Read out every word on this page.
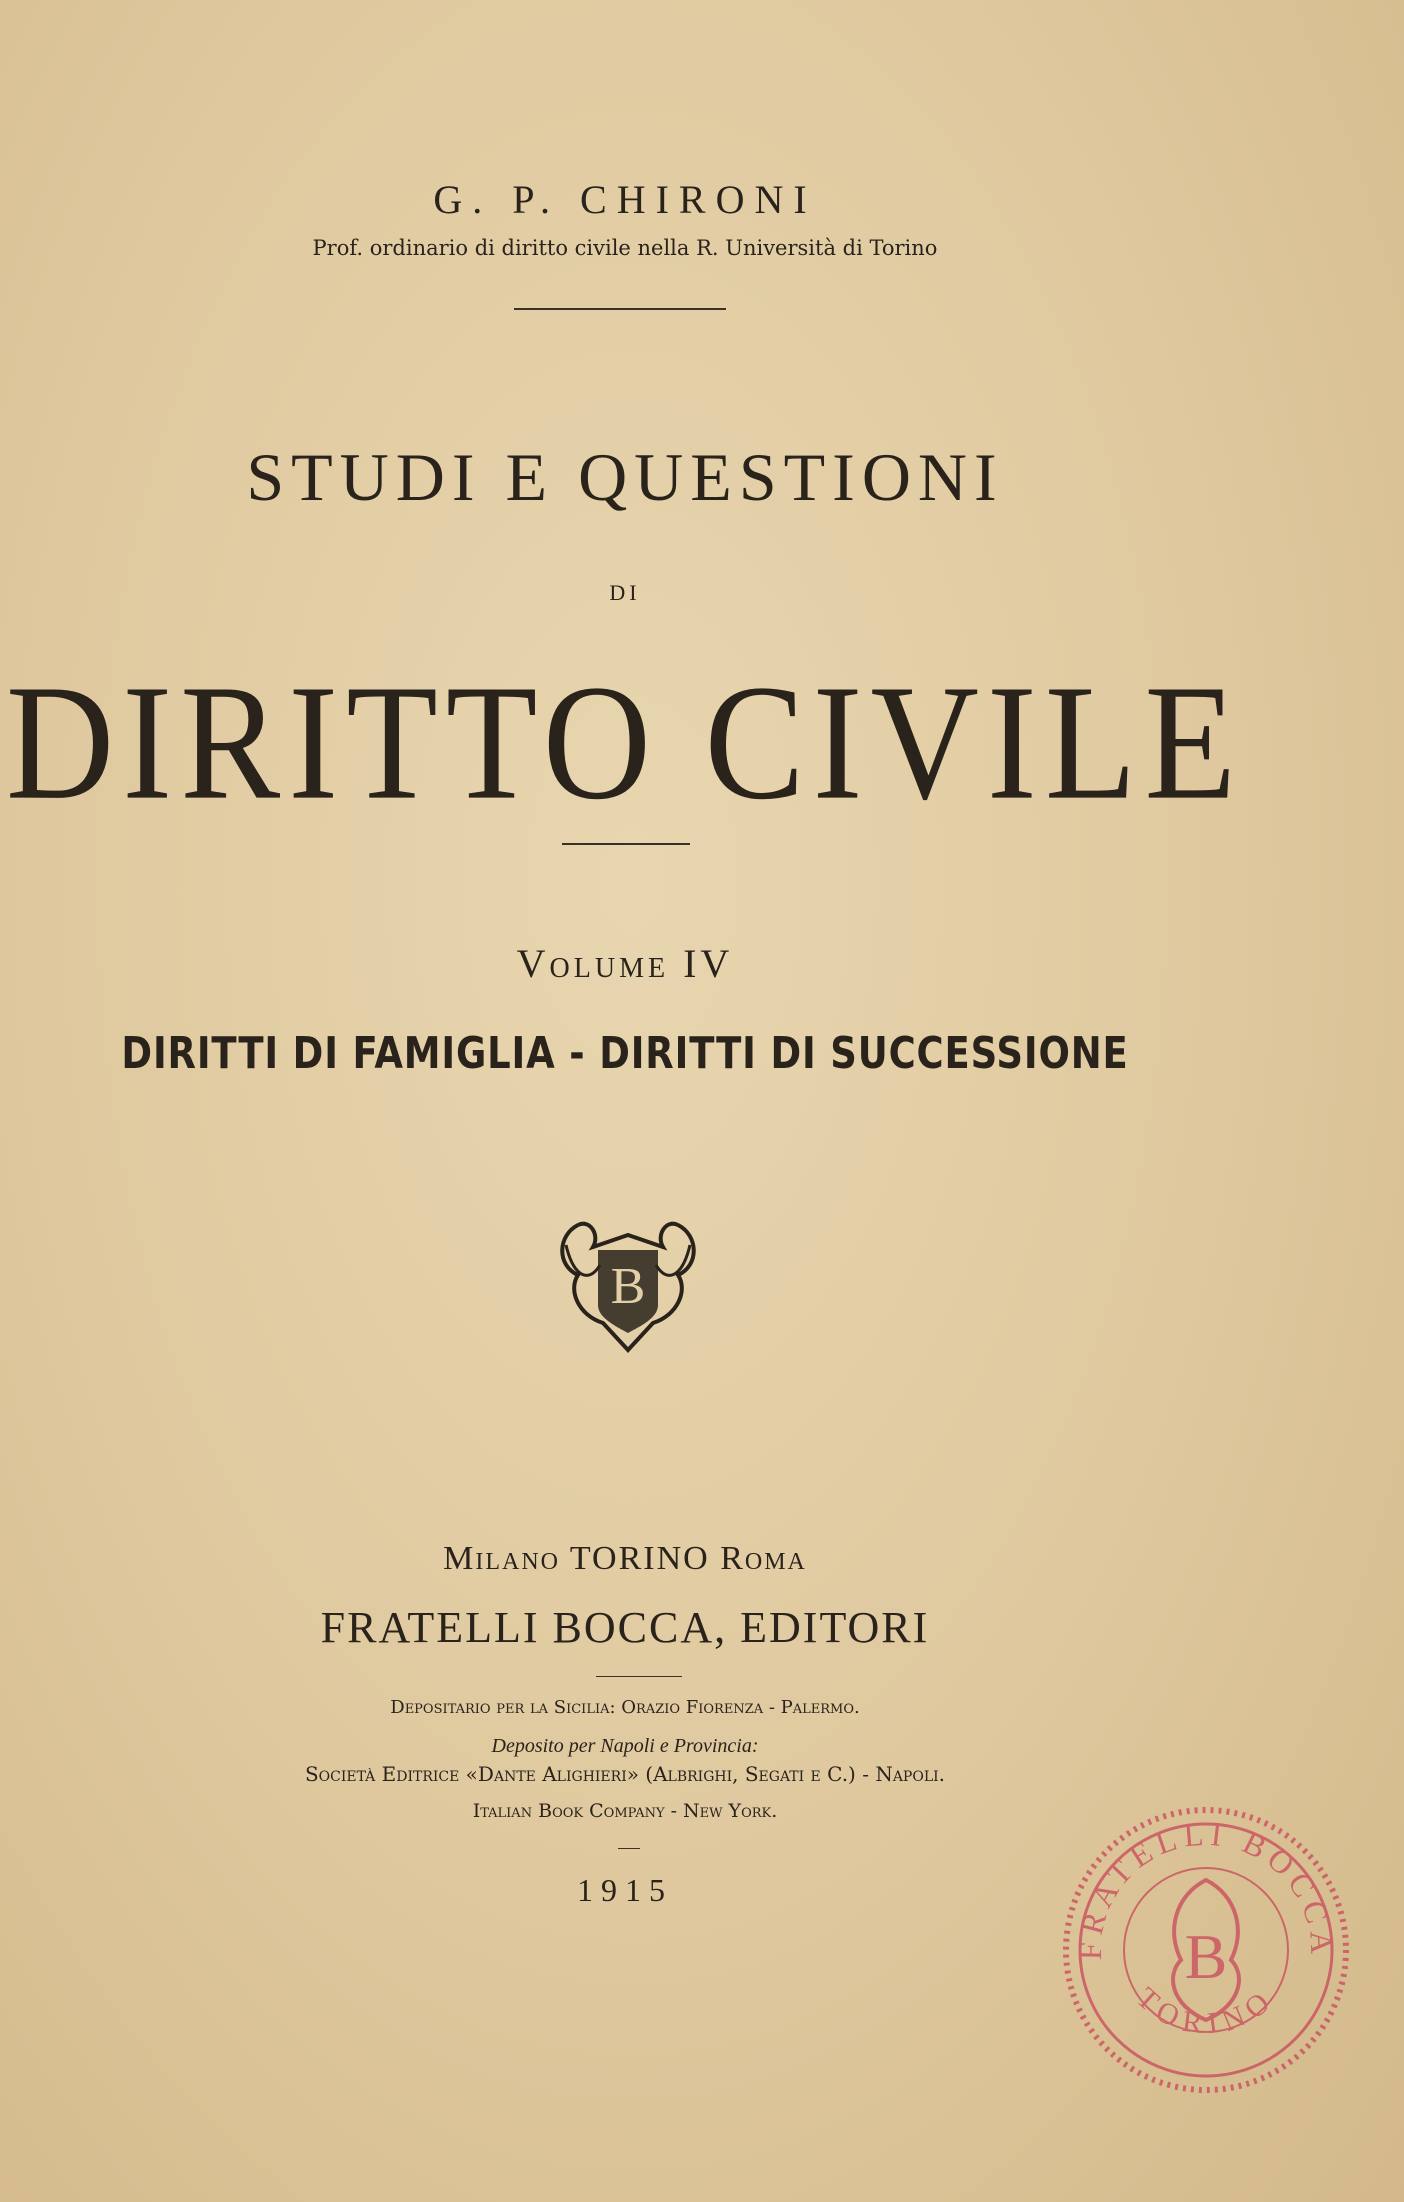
G. P. CHIRONI
Prof. ordinario di diritto civile nella R. Università di Torino
STUDI E QUESTIONI
DI
DIRITTO CIVILE
Volume IV
DIRITTI DI FAMIGLIA - DIRITTI DI SUCCESSIONE
B
Milano TORINO Roma
FRATELLI BOCCA, EDITORI
Depositario per la Sicilia: Orazio Fiorenza - Palermo.
Deposito per Napoli e Provincia:
Società Editrice «Dante Alighieri» (Albrighi, Segati e C.) - Napoli.
Italian Book Company - New York.
1915
FRATELLI BOCCA
TORINO
B
